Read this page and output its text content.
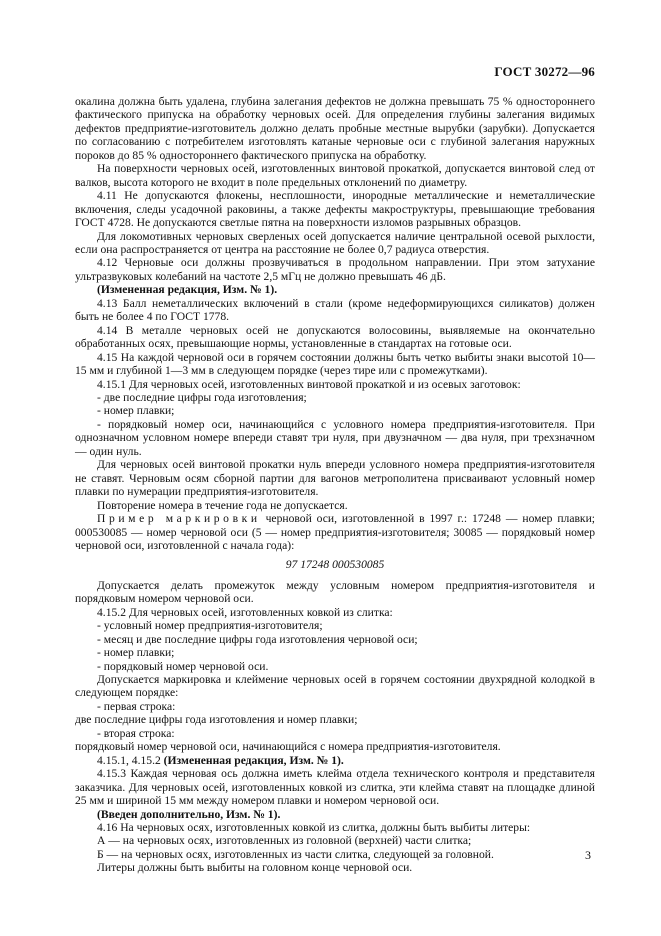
ГОСТ 30272—96

окалина должна быть удалена, глубина залегания дефектов не должна превышать 75 % одностороннего фактического припуска на обработку черновых осей. Для определения глубины залегания видимых дефектов предприятие-изготовитель должно делать пробные местные вырубки (зарубки). Допускается по согласованию с потребителем изготовлять катаные черновые оси с глубиной залегания наружных пороков до 85 % одностороннего фактического припуска на обработку.

На поверхности черновых осей, изготовленных винтовой прокаткой, допускается винтовой след от валков, высота которого не входит в поле предельных отклонений по диаметру.

4.11 Не допускаются флокены, несплошности, инородные металлические и неметаллические включения, следы усадочной раковины, а также дефекты макроструктуры, превышающие требования ГОСТ 4728. Не допускаются светлые пятна на поверхности изломов разрывных образцов.

Для локомотивных черновых сверленых осей допускается наличие центральной осевой рыхлости, если она распространяется от центра на расстояние не более 0,7 радиуса отверстия.

4.12 Черновые оси должны прозвучиваться в продольном направлении. При этом затухание ультразвуковых колебаний на частоте 2,5 мГц не должно превышать 46 дБ.

(Измененная редакция, Изм. № 1).

4.13 Балл неметаллических включений в стали (кроме недеформирующихся силикатов) должен быть не более 4 по ГОСТ 1778.

4.14 В металле черновых осей не допускаются волосовины, выявляемые на окончательно обработанных осях, превышающие нормы, установленные в стандартах на готовые оси.

4.15 На каждой черновой оси в горячем состоянии должны быть четко выбиты знаки высотой 10—15 мм и глубиной 1—3 мм в следующем порядке (через тире или с промежутками).

4.15.1 Для черновых осей, изготовленных винтовой прокаткой и из осевых заготовок:

- две последние цифры года изготовления;

- номер плавки;

- порядковый номер оси, начинающийся с условного номера предприятия-изготовителя. При однозначном условном номере впереди ставят три нуля, при двузначном — два нуля, при трехзначном — один нуль.

Для черновых осей винтовой прокатки нуль впереди условного номера предприятия-изготовителя не ставят. Черновым осям сборной партии для вагонов метрополитена присваивают условный номер плавки по нумерации предприятия-изготовителя.

Повторение номера в течение года не допускается.

Пример маркировки черновой оси, изготовленной в 1997 г.: 17248 — номер плавки; 000530085 — номер черновой оси (5 — номер предприятия-изготовителя; 30085 — порядковый номер черновой оси, изготовленной с начала года):

97 17248 000530085

Допускается делать промежуток между условным номером предприятия-изготовителя и порядковым номером черновой оси.

4.15.2 Для черновых осей, изготовленных ковкой из слитка:

- условный номер предприятия-изготовителя;

- месяц и две последние цифры года изготовления черновой оси;

- номер плавки;

- порядковый номер черновой оси.

Допускается маркировка и клеймение черновых осей в горячем состоянии двухрядной колодкой в следующем порядке:

- первая строка:

две последние цифры года изготовления и номер плавки;

- вторая строка:

порядковый номер черновой оси, начинающийся с номера предприятия-изготовителя.

4.15.1, 4.15.2 (Измененная редакция, Изм. № 1).

4.15.3 Каждая черновая ось должна иметь клейма отдела технического контроля и представителя заказчика. Для черновых осей, изготовленных ковкой из слитка, эти клейма ставят на площадке длиной 25 мм и шириной 15 мм между номером плавки и номером черновой оси.

(Введен дополнительно, Изм. № 1).

4.16 На черновых осях, изготовленных ковкой из слитка, должны быть выбиты литеры:

А — на черновых осях, изготовленных из головной (верхней) части слитка;

Б — на черновых осях, изготовленных из части слитка, следующей за головной.

Литеры должны быть выбиты на головном конце черновой оси.

3
